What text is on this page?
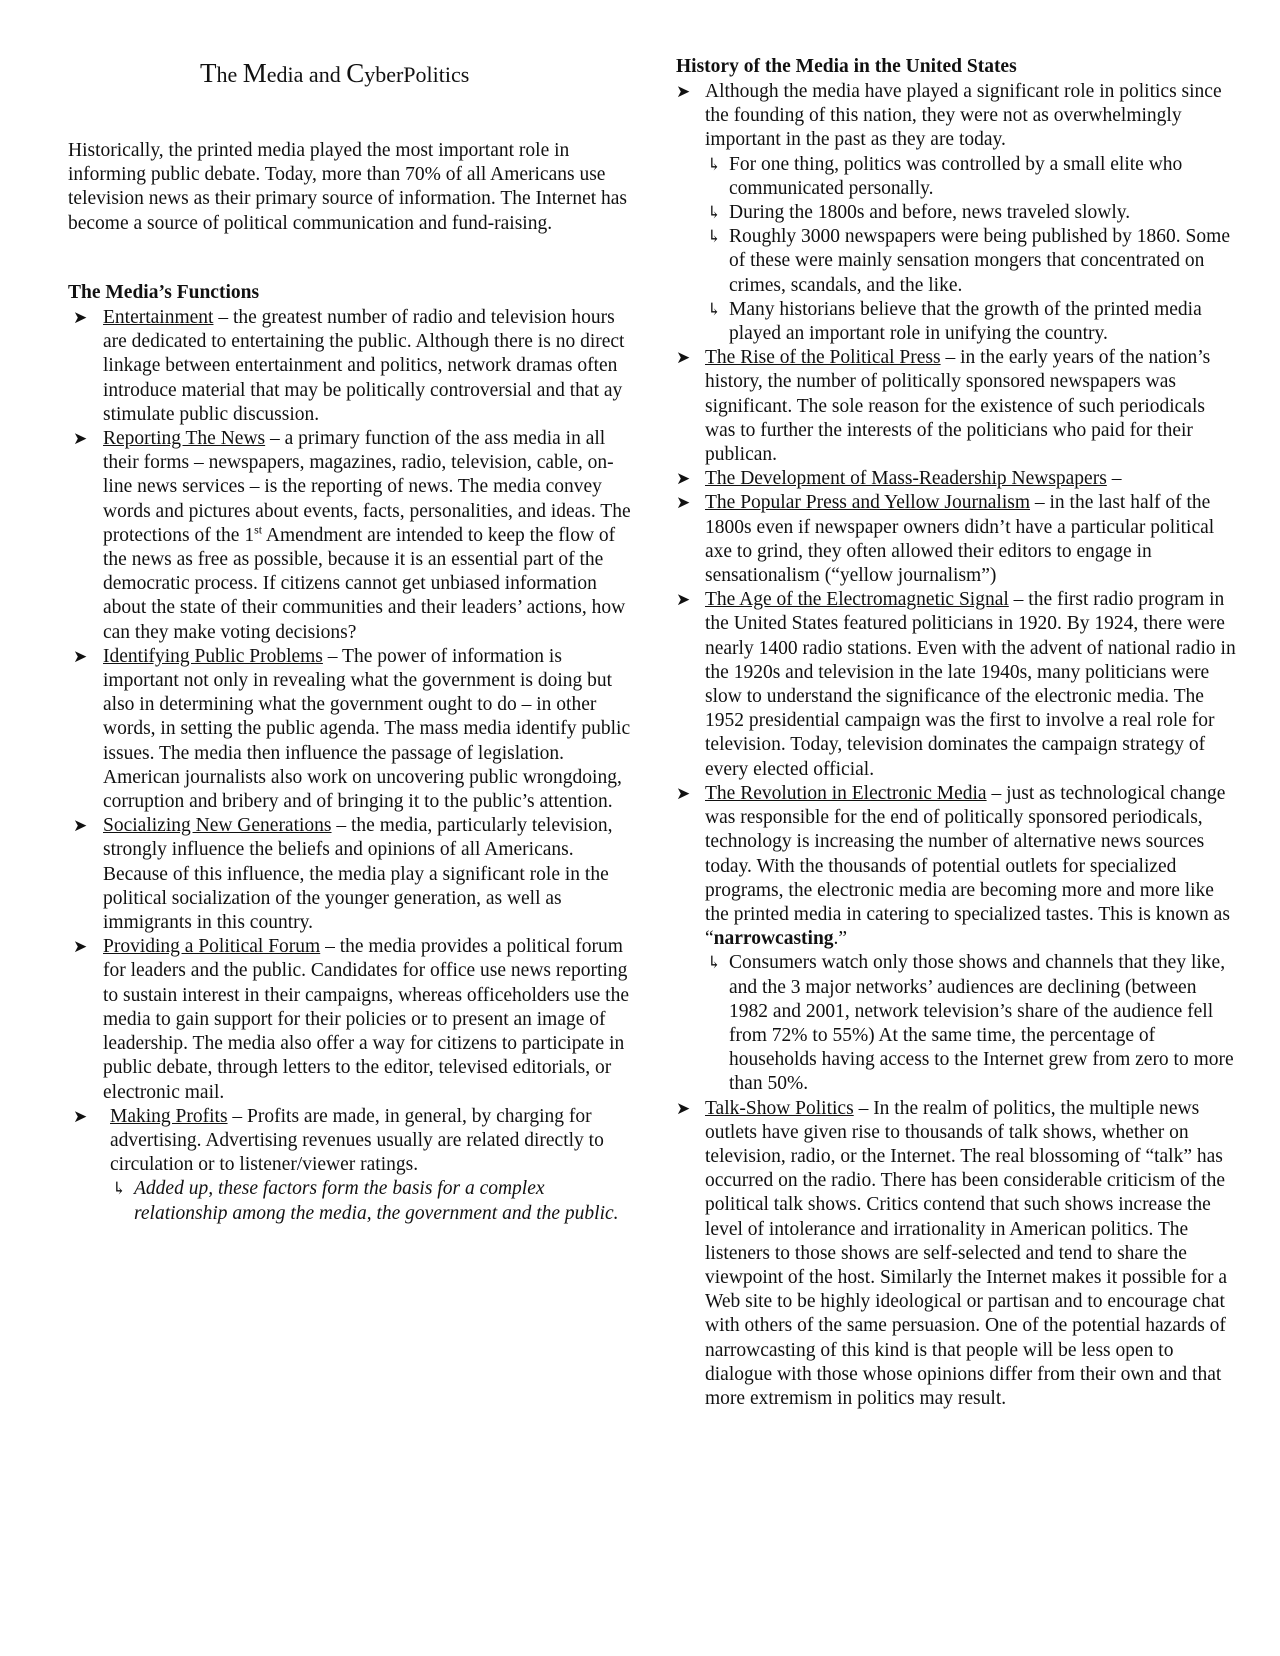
The Media and CyberPolitics

Historically, the printed media played the most important role in informing public debate. Today, more than 70% of all Americans use television news as their primary source of information. The Internet has become a source of political communication and fund-raising.

The Media’s Functions

➤ Entertainment – the greatest number of radio and television hours are dedicated to entertaining the public. Although there is no direct linkage between entertainment and politics, network dramas often introduce material that may be politically controversial and that ay stimulate public discussion.
➤ Reporting The News – a primary function of the ass media in all their forms – newspapers, magazines, radio, television, cable, on-line news services – is the reporting of news. The media convey words and pictures about events, facts, personalities, and ideas. The protections of the 1st Amendment are intended to keep the flow of the news as free as possible, because it is an essential part of the democratic process. If citizens cannot get unbiased information about the state of their communities and their leaders’ actions, how can they make voting decisions?
➤ Identifying Public Problems – The power of information is important not only in revealing what the government is doing but also in determining what the government ought to do – in other words, in setting the public agenda. The mass media identify public issues. The media then influence the passage of legislation. American journalists also work on uncovering public wrongdoing, corruption and bribery and of bringing it to the public’s attention.
➤ Socializing New Generations – the media, particularly television, strongly influence the beliefs and opinions of all Americans. Because of this influence, the media play a significant role in the political socialization of the younger generation, as well as immigrants in this country.
➤ Providing a Political Forum – the media provides a political forum for leaders and the public. Candidates for office use news reporting to sustain interest in their campaigns, whereas officeholders use the media to gain support for their policies or to present an image of leadership. The media also offer a way for citizens to participate in public debate, through letters to the editor, televised editorials, or electronic mail.
➤ Making Profits – Profits are made, in general, by charging for advertising. Advertising revenues usually are related directly to circulation or to listener/viewer ratings.
↳ Added up, these factors form the basis for a complex relationship among the media, the government and the public.

History of the Media in the United States

➤ Although the media have played a significant role in politics since the founding of this nation, they were not as overwhelmingly important in the past as they are today.
↳ For one thing, politics was controlled by a small elite who communicated personally.
↳ During the 1800s and before, news traveled slowly.
↳ Roughly 3000 newspapers were being published by 1860. Some of these were mainly sensation mongers that concentrated on crimes, scandals, and the like.
↳ Many historians believe that the growth of the printed media played an important role in unifying the country.
➤ The Rise of the Political Press – in the early years of the nation’s history, the number of politically sponsored newspapers was significant. The sole reason for the existence of such periodicals was to further the interests of the politicians who paid for their publican.
➤ The Development of Mass-Readership Newspapers –
➤ The Popular Press and Yellow Journalism – in the last half of the 1800s even if newspaper owners didn’t have a particular political axe to grind, they often allowed their editors to engage in sensationalism (“yellow journalism”)
➤ The Age of the Electromagnetic Signal – the first radio program in the United States featured politicians in 1920. By 1924, there were nearly 1400 radio stations. Even with the advent of national radio in the 1920s and television in the late 1940s, many politicians were slow to understand the significance of the electronic media. The 1952 presidential campaign was the first to involve a real role for television. Today, television dominates the campaign strategy of every elected official.
➤ The Revolution in Electronic Media – just as technological change was responsible for the end of politically sponsored periodicals, technology is increasing the number of alternative news sources today. With the thousands of potential outlets for specialized programs, the electronic media are becoming more and more like the printed media in catering to specialized tastes. This is known as “narrowcasting.”
↳ Consumers watch only those shows and channels that they like, and the 3 major networks’ audiences are declining (between 1982 and 2001, network television’s share of the audience fell from 72% to 55%) At the same time, the percentage of households having access to the Internet grew from zero to more than 50%.
➤ Talk-Show Politics – In the realm of politics, the multiple news outlets have given rise to thousands of talk shows, whether on television, radio, or the Internet. The real blossoming of “talk” has occurred on the radio. There has been considerable criticism of the political talk shows. Critics contend that such shows increase the level of intolerance and irrationality in American politics. The listeners to those shows are self-selected and tend to share the viewpoint of the host. Similarly the Internet makes it possible for a Web site to be highly ideological or partisan and to encourage chat with others of the same persuasion. One of the potential hazards of narrowcasting of this kind is that people will be less open to dialogue with those whose opinions differ from their own and that more extremism in politics may result.
